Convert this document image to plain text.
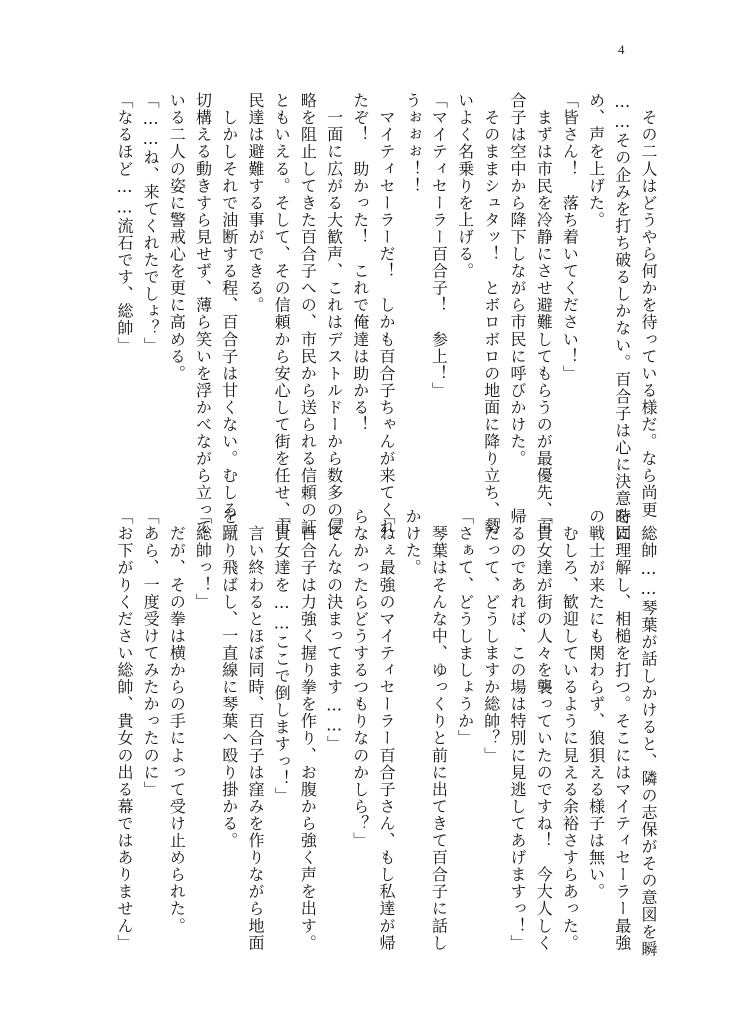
4
　その二人はどうやら何かを待っている様だ。なら尚更
……その企みを打ち破るしかない。百合子は心に決意を固
め、声を上げた。
「皆さん！　落ち着いてください！」
　まずは市民を冷静にさせ避難してもらうのが最優先、百
合子は空中から降下しながら市民に呼びかけた。
　そのままシュタッ！　とボロボロの地面に降り立ち、勢
いよく名乗りを上げる。
「マイティセーラー百合子！　参上！」
うぉぉぉ！！
　マイティセーラーだ！　しかも百合子ちゃんが来てくれ
たぞ！　助かった！　これで俺達は助かる！
　一面に広がる大歓声、これはデストルドーから数多の侵
略を阻止してきた百合子への、市民から送られる信頼の証
ともいえる。そして、その信頼から安心して街を任せ、市
民達は避難する事ができる。
　しかしそれで油断する程、百合子は甘くない。むしろ一
切構える動きすら見せず、薄ら笑いを浮かべながら立って
いる二人の姿に警戒心を更に高める。
「……ね、来てくれたでしょ？」
「なるほど……流石です、総帥」
　総帥……琴葉が話しかけると、隣の志保がその意図を瞬
時に理解し、相槌を打つ。そこにはマイティセーラー最強
の戦士が来たにも関わらず、狼狽える様子は無い。
　むしろ、歓迎しているように見える余裕さすらあった。
「貴女達が街の人々を襲っていたのですね！　今大人しく
帰るのであれば、この場は特別に見逃してあげますっ！」
「だって、どうしますか総帥？」
「さぁて、どうしましょうか」
　琴葉はそんな中、ゆっくりと前に出てきて百合子に話し
かけた。
「ねぇ最強のマイティセーラー百合子さん、もし私達が帰
らなかったらどうするつもりなのかしら？」
「そんなの決まってます……」
　百合子は力強く握り拳を作り、お腹から強く声を出す。
「貴女達を……ここで倒しますっ！」
　言い終わるとほぼ同時、百合子は窪みを作りながら地面
を蹴り飛ばし、一直線に琴葉へ殴り掛かる。
「総帥っ！」
　だが、その拳は横からの手によって受け止められた。
「あら、一度受けてみたかったのに」
「お下がりください総帥、貴女の出る幕ではありません」
